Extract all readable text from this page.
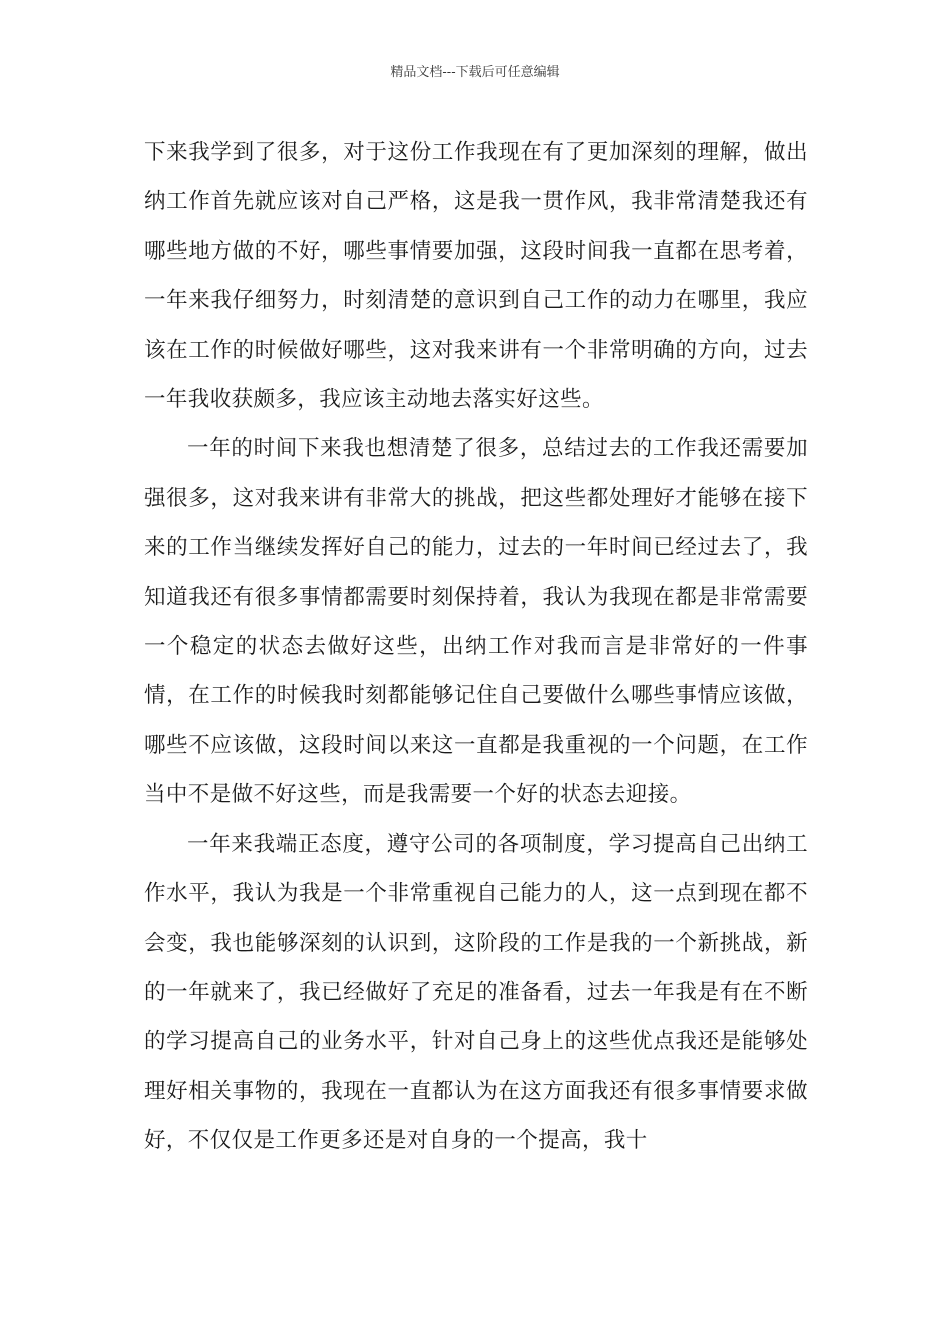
精品文档---下载后可任意编辑

下来我学到了很多，对于这份工作我现在有了更加深刻的理解，做出纳工作首先就应该对自己严格，这是我一贯作风，我非常清楚我还有哪些地方做的不好，哪些事情要加强，这段时间我一直都在思考着，一年来我仔细努力，时刻清楚的意识到自己工作的动力在哪里，我应该在工作的时候做好哪些，这对我来讲有一个非常明确的方向，过去一年我收获颇多，我应该主动地去落实好这些。

一年的时间下来我也想清楚了很多，总结过去的工作我还需要加强很多，这对我来讲有非常大的挑战，把这些都处理好才能够在接下来的工作当继续发挥好自己的能力，过去的一年时间已经过去了，我知道我还有很多事情都需要时刻保持着，我认为我现在都是非常需要一个稳定的状态去做好这些，出纳工作对我而言是非常好的一件事情，在工作的时候我时刻都能够记住自己要做什么哪些事情应该做，哪些不应该做，这段时间以来这一直都是我重视的一个问题，在工作当中不是做不好这些，而是我需要一个好的状态去迎接。

一年来我端正态度，遵守公司的各项制度，学习提高自己出纳工作水平，我认为我是一个非常重视自己能力的人，这一点到现在都不会变，我也能够深刻的认识到，这阶段的工作是我的一个新挑战，新的一年就来了，我已经做好了充足的准备看，过去一年我是有在不断的学习提高自己的业务水平，针对自己身上的这些优点我还是能够处理好相关事物的，我现在一直都认为在这方面我还有很多事情要求做好，不仅仅是工作更多还是对自身的一个提高，我十
